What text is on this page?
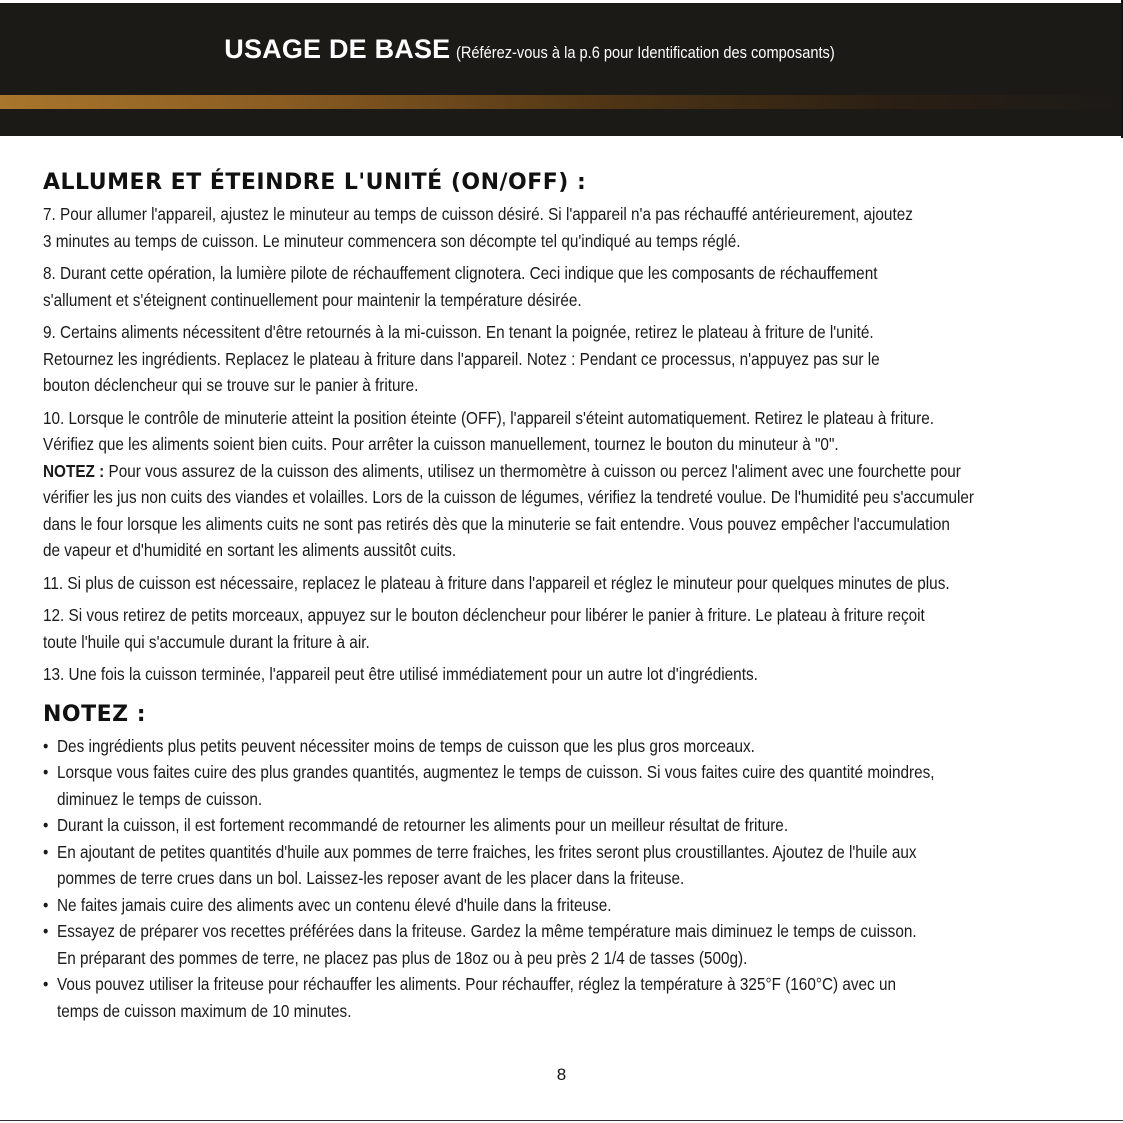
USAGE DE BASE (Référez-vous à la p.6 pour Identification des composants)
ALLUMER ET ÉTEINDRE L'UNITÉ (ON/OFF) :
7. Pour allumer l'appareil, ajustez le minuteur au temps de cuisson désiré. Si l'appareil n'a pas réchauffé antérieurement, ajoutez
3 minutes au temps de cuisson. Le minuteur commencera son décompte tel qu'indiqué au temps réglé.
8. Durant cette opération, la lumière pilote de réchauffement clignotera. Ceci indique que les composants de réchauffement
s'allument et s'éteignent continuellement pour maintenir la température désirée.
9. Certains aliments nécessitent d'être retournés à la mi-cuisson. En tenant la poignée, retirez le plateau à friture de l'unité.
Retournez les ingrédients. Replacez le plateau à friture dans l'appareil. Notez : Pendant ce processus, n'appuyez pas sur le
bouton déclencheur qui se trouve sur le panier à friture.
10. Lorsque le contrôle de minuterie atteint la position éteinte (OFF), l'appareil s'éteint automatiquement. Retirez le plateau à friture.
Vérifiez que les aliments soient bien cuits. Pour arrêter la cuisson manuellement, tournez le bouton du minuteur à "0".
NOTEZ : Pour vous assurez de la cuisson des aliments, utilisez un thermomètre à cuisson ou percez l'aliment avec une fourchette pour
vérifier les jus non cuits des viandes et volailles. Lors de la cuisson de légumes, vérifiez la tendreté voulue. De l'humidité peu s'accumuler
dans le four lorsque les aliments cuits ne sont pas retirés dès que la minuterie se fait entendre. Vous pouvez empêcher l'accumulation
de vapeur et d'humidité en sortant les aliments aussitôt cuits.
11. Si plus de cuisson est nécessaire, replacez le plateau à friture dans l'appareil et réglez le minuteur pour quelques minutes de plus.
12. Si vous retirez de petits morceaux, appuyez sur le bouton déclencheur pour libérer le panier à friture. Le plateau à friture reçoit
toute l'huile qui s'accumule durant la friture à air.
13. Une fois la cuisson terminée, l'appareil peut être utilisé immédiatement pour un autre lot d'ingrédients.
NOTEZ :
• Des ingrédients plus petits peuvent nécessiter moins de temps de cuisson que les plus gros morceaux.
• Lorsque vous faites cuire des plus grandes quantités, augmentez le temps de cuisson. Si vous faites cuire des quantité moindres,
diminuez le temps de cuisson.
• Durant la cuisson, il est fortement recommandé de retourner les aliments pour un meilleur résultat de friture.
• En ajoutant de petites quantités d'huile aux pommes de terre fraiches, les frites seront plus croustillantes. Ajoutez de l'huile aux
pommes de terre crues dans un bol. Laissez-les reposer avant de les placer dans la friteuse.
• Ne faites jamais cuire des aliments avec un contenu élevé d'huile dans la friteuse.
• Essayez de préparer vos recettes préférées dans la friteuse. Gardez la même température mais diminuez le temps de cuisson.
En préparant des pommes de terre, ne placez pas plus de 18oz ou à peu près 2 1/4 de tasses (500g).
• Vous pouvez utiliser la friteuse pour réchauffer les aliments. Pour réchauffer, réglez la température à 325°F (160°C) avec un
temps de cuisson maximum de 10 minutes.
8
